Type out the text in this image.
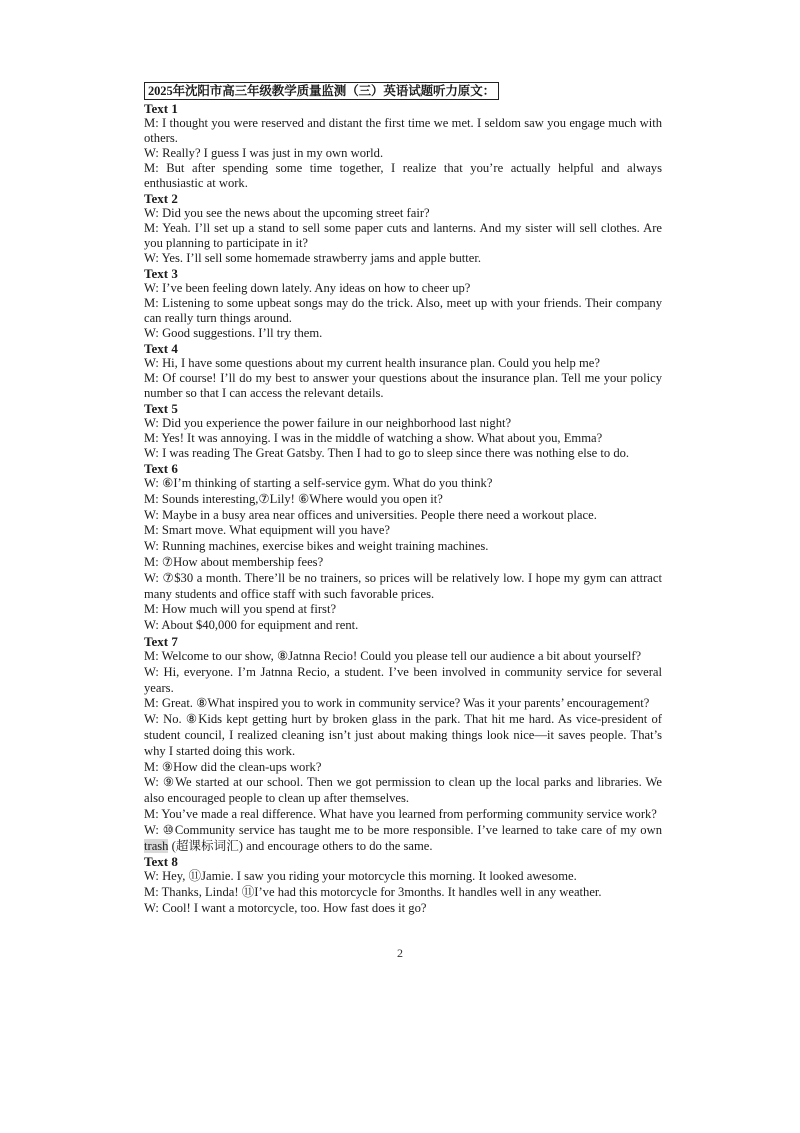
2025年沈阳市高三年级教学质量监测（三）英语试题听力原文：

Text 1

M: I thought you were reserved and distant the first time we met. I seldom saw you engage much with others.

W: Really? I guess I was just in my own world.

M: But after spending some time together, I realize that you’re actually helpful and always enthusiastic at work.

Text 2

W: Did you see the news about the upcoming street fair?

M: Yeah. I’ll set up a stand to sell some paper cuts and lanterns. And my sister will sell clothes. Are you planning to participate in it?

W: Yes. I’ll sell some homemade strawberry jams and apple butter.

Text 3

W: I’ve been feeling down lately. Any ideas on how to cheer up?

M: Listening to some upbeat songs may do the trick. Also, meet up with your friends. Their company can really turn things around.

W: Good suggestions. I’ll try them.

Text 4

W: Hi, I have some questions about my current health insurance plan. Could you help me?

M: Of course! I’ll do my best to answer your questions about the insurance plan. Tell me your policy number so that I can access the relevant details.

Text 5

W: Did you experience the power failure in our neighborhood last night?

M: Yes! It was annoying. I was in the middle of watching a show. What about you, Emma?

W: I was reading The Great Gatsby. Then I had to go to sleep since there was nothing else to do.

Text 6

W: ⑥I’m thinking of starting a self-service gym. What do you think?

M: Sounds interesting,⑦Lily! ⑥Where would you open it?

W: Maybe in a busy area near offices and universities. People there need a workout place.

M: Smart move. What equipment will you have?

W: Running machines, exercise bikes and weight training machines.

M: ⑦How about membership fees?

W: ⑦$30 a month. There’ll be no trainers, so prices will be relatively low. I hope my gym can attract many students and office staff with such favorable prices.

M: How much will you spend at first?

W: About $40,000 for equipment and rent.

Text 7

M: Welcome to our show, ⑧Jatnna Recio! Could you please tell our audience a bit about yourself?

W: Hi, everyone. I’m Jatnna Recio, a student. I’ve been involved in community service for several years.

M: Great. ⑧What inspired you to work in community service? Was it your parents’ encouragement?

W: No. ⑧Kids kept getting hurt by broken glass in the park. That hit me hard. As vice-president of student council, I realized cleaning isn’t just about making things look nice—it saves people. That’s why I started doing this work.

M: ⑨How did the clean-ups work?

W: ⑨We started at our school. Then we got permission to clean up the local parks and libraries. We also encouraged people to clean up after themselves.

M: You’ve made a real difference. What have you learned from performing community service work?

W: ⑩Community service has taught me to be more responsible. I’ve learned to take care of my own trash (超课标词汇) and encourage others to do the same.

Text 8

W: Hey, ⑪Jamie. I saw you riding your motorcycle this morning. It looked awesome.

M: Thanks, Linda! ⑪I’ve had this motorcycle for 3months. It handles well in any weather.

W: Cool! I want a motorcycle, too. How fast does it go?

2
